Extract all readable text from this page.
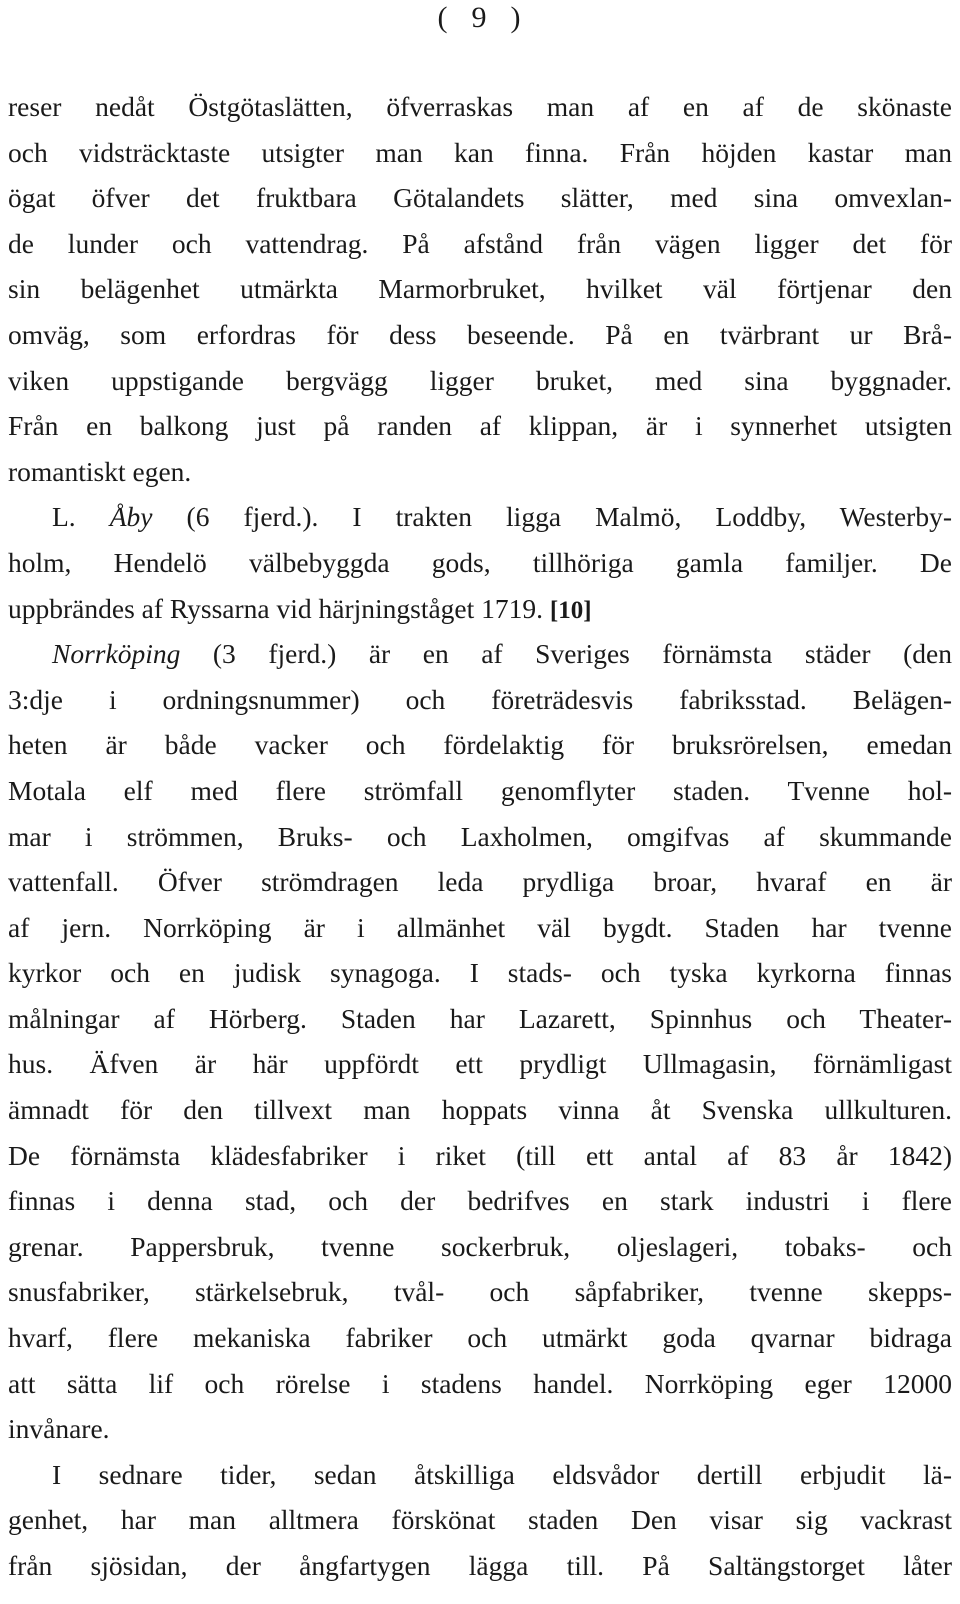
( 9 )
reser nedåt Östgötaslätten, öfverraskas man af en af de skönaste
och vidsträcktaste utsigter man kan finna. Från höjden kastar man
ögat öfver det fruktbara Götalandets slätter, med sina omvexlan-
de lunder och vattendrag. På afstånd från vägen ligger det för
sin belägenhet utmärkta Marmorbruket, hvilket väl förtjenar den
omväg, som erfordras för dess beseende. På en tvärbrant ur Brå-
viken uppstigande bergvägg ligger bruket, med sina byggnader.
Från en balkong just på randen af klippan, är i synnerhet utsigten
romantiskt egen.
L. Åby (6 fjerd.). I trakten ligga Malmö, Loddby, Westerby-
holm, Hendelö välbebyggda gods, tillhöriga gamla familjer. De
uppbrändes af Ryssarna vid härjningståget 1719. [10]
Norrköping (3 fjerd.) är en af Sveriges förnämsta städer (den
3:dje i ordningsnummer) och företrädesvis fabriksstad. Belägen-
heten är både vacker och fördelaktig för bruksrörelsen, emedan
Motala elf med flere strömfall genomflyter staden. Tvenne hol-
mar i strömmen, Bruks- och Laxholmen, omgifvas af skummande
vattenfall. Öfver strömdragen leda prydliga broar, hvaraf en är
af jern. Norrköping är i allmänhet väl bygdt. Staden har tvenne
kyrkor och en judisk synagoga. I stads- och tyska kyrkorna finnas
målningar af Hörberg. Staden har Lazarett, Spinnhus och Theater-
hus. Äfven är här uppfördt ett prydligt Ullmagasin, förnämligast
ämnadt för den tillvext man hoppats vinna åt Svenska ullkulturen.
De förnämsta klädesfabriker i riket (till ett antal af 83 år 1842)
finnas i denna stad, och der bedrifves en stark industri i flere
grenar. Pappersbruk, tvenne sockerbruk, oljeslageri, tobaks- och
snusfabriker, stärkelsebruk, tvål- och såpfabriker, tvenne skepps-
hvarf, flere mekaniska fabriker och utmärkt goda qvarnar bidraga
att sätta lif och rörelse i stadens handel. Norrköping eger 12000
invånare.
I sednare tider, sedan åtskilliga eldsvådor dertill erbjudit lä-
genhet, har man alltmera förskönat staden Den visar sig vackrast
från sjösidan, der ångfartygen lägga till. På Saltängstorget låter
